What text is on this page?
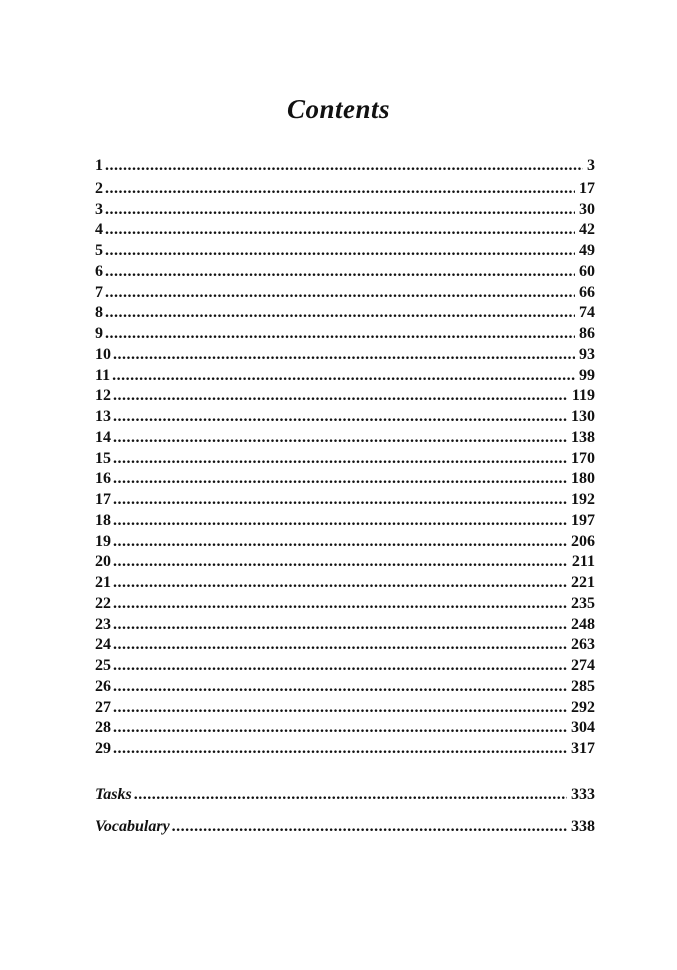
Contents
1 .....	3
2 .....	17
3 .....	30
4 .....	42
5 .....	49
6 .....	60
7 .....	66
8 .....	74
9 .....	86
10 .....	93
11 .....	99
12 .....	119
13 .....	130
14 .....	138
15 .....	170
16 .....	180
17 .....	192
18 .....	197
19 .....	206
20 .....	211
21 .....	221
22 .....	235
23 .....	248
24 .....	263
25 .....	274
26 .....	285
27 .....	292
28 .....	304
29 .....	317
Tasks .....	333
Vocabulary .....	338
